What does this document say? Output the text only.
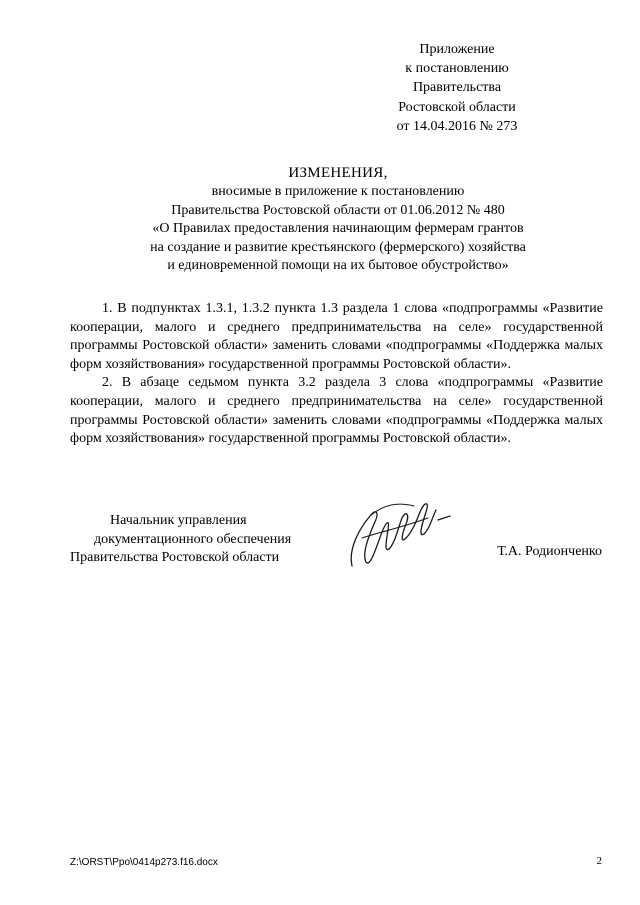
Приложение
к постановлению
Правительства
Ростовской области
от 14.04.2016 № 273
ИЗМЕНЕНИЯ,
вносимые в приложение к постановлению
Правительства Ростовской области от 01.06.2012 № 480
«О Правилах предоставления начинающим фермерам грантов
на создание и развитие крестьянского (фермерского) хозяйства
и единовременной помощи на их бытовое обустройство»

1. В подпунктах 1.3.1, 1.3.2 пункта 1.3 раздела 1 слова «подпрограммы «Развитие кооперации, малого и среднего предпринимательства на селе» государственной программы Ростовской области» заменить словами «подпрограммы «Поддержка малых форм хозяйствования» государственной программы Ростовской области».

2. В абзаце седьмом пункта 3.2 раздела 3 слова «подпрограммы «Развитие кооперации, малого и среднего предпринимательства на селе» государственной программы Ростовской области» заменить словами «подпрограммы «Поддержка малых форм хозяйствования» государственной программы Ростовской области».

Начальник управления
документационного обеспечения
Правительства Ростовской области	Т.А. Родионченко
Z:\ORST\Ppo\0414p273.f16.docx	2
